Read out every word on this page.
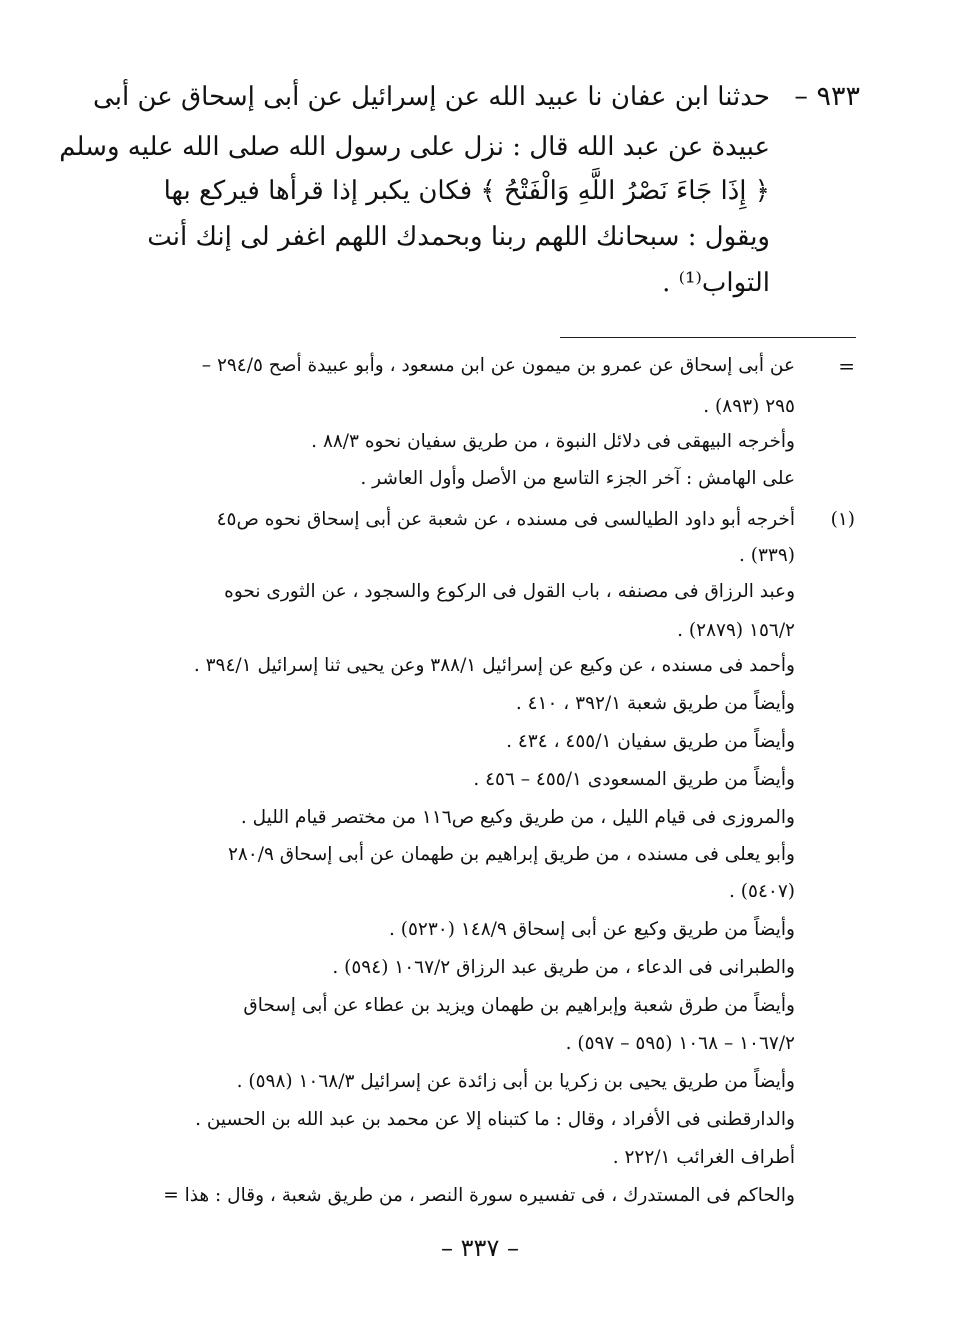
٩٣٣ –
حدثنا ابن عفان نا عبيد الله عن إسرائيل عن أبى إسحاق عن أبى
عبيدة عن عبد الله قال : نزل على رسول الله صلى الله عليه وسلم
﴿ إِذَا جَاءَ نَصْرُ اللَّهِ وَالْفَتْحُ ﴾ فكان يكبر إذا قرأها فيركع بها
ويقول : سبحانك اللهم ربنا وبحمدك اللهم اغفر لى إنك أنت
التواب⁽¹⁾ .
=
(١)
عن أبى إسحاق عن عمرو بن ميمون عن ابن مسعود ، وأبو عبيدة أصح ٢٩٤/٥ –
٢٩٥ (٨٩٣) .
وأخرجه البيهقى فى دلائل النبوة ، من طريق سفيان نحوه ٨٨/٣ .
على الهامش : آخر الجزء التاسع من الأصل وأول العاشر .
أخرجه أبو داود الطيالسى فى مسنده ، عن شعبة عن أبى إسحاق نحوه ص٤٥
(٣٣٩) .
وعبد الرزاق فى مصنفه ، باب القول فى الركوع والسجود ، عن الثورى نحوه
١٥٦/٢ (٢٨٧٩) .
وأحمد فى مسنده ، عن وكيع عن إسرائيل ٣٨٨/١ وعن يحيى ثنا إسرائيل ٣٩٤/١ .
وأيضاً من طريق شعبة ٣٩٢/١ ، ٤١٠ .
وأيضاً من طريق سفيان ٤٥٥/١ ، ٤٣٤ .
وأيضاً من طريق المسعودى ٤٥٥/١ – ٤٥٦ .
والمروزى فى قيام الليل ، من طريق وكيع ص١١٦ من مختصر قيام الليل .
وأبو يعلى فى مسنده ، من طريق إبراهيم بن طهمان عن أبى إسحاق ٢٨٠/٩
(٥٤٠٧) .
وأيضاً من طريق وكيع عن أبى إسحاق ١٤٨/٩ (٥٢٣٠) .
والطبرانى فى الدعاء ، من طريق عبد الرزاق ١٠٦٧/٢ (٥٩٤) .
وأيضاً من طرق شعبة وإبراهيم بن طهمان ويزيد بن عطاء عن أبى إسحاق
١٠٦٧/٢ – ١٠٦٨ (٥٩٥ – ٥٩٧) .
وأيضاً من طريق يحيى بن زكريا بن أبى زائدة عن إسرائيل ١٠٦٨/٣ (٥٩٨) .
والدارقطنى فى الأفراد ، وقال : ما كتبناه إلا عن محمد بن عبد الله بن الحسين .
أطراف الغرائب ٢٢٢/١ .
والحاكم فى المستدرك ، فى تفسيره سورة النصر ، من طريق شعبة ، وقال : هذا =
– ٣٣٧ –
